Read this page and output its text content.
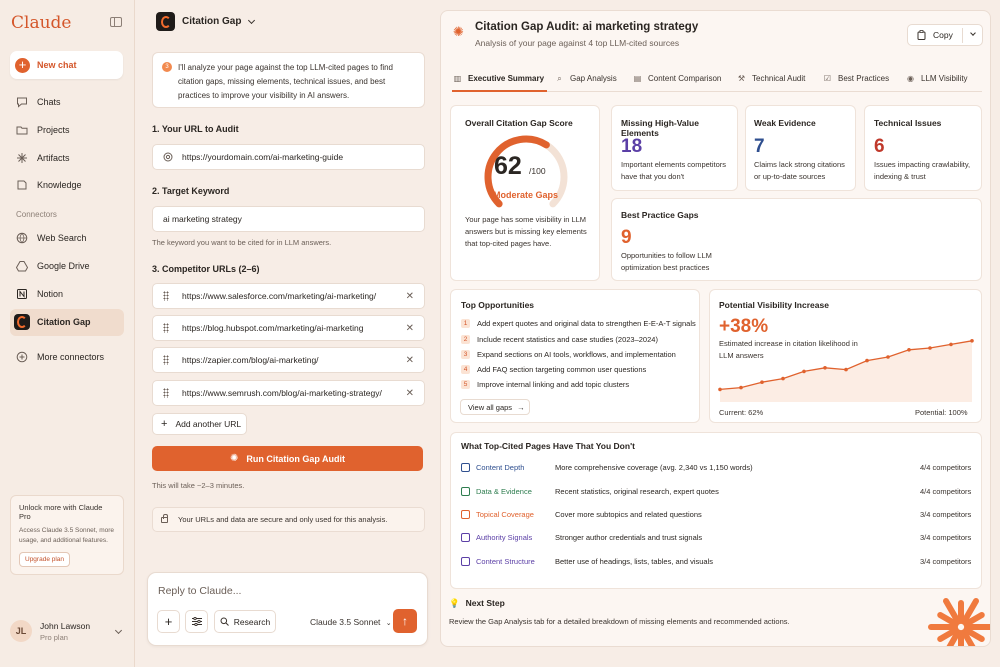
Claude
+	New chat
Chats
Projects
Artifacts
Knowledge
Connectors
Web Search
Google Drive
Notion
Citation Gap
More connectors
Unlock more with Claude Pro
Access Claude 3.5 Sonnet, more usage, and additional features.
Upgrade plan
JL
John Lawson
Pro plan
Citation Gap
3	I'll analyze your page against the top LLM-cited pages to find citation gaps, missing elements, technical issues, and best practices to improve your visibility in AI answers.
1. Your URL to Audit
https://yourdomain.com/ai-marketing-guide
2. Target Keyword
ai marketing strategy
The keyword you want to be cited for in LLM answers.
3. Competitor URLs (2–6)
https://www.salesforce.com/marketing/ai-marketing/	✕
https://blog.hubspot.com/marketing/ai-marketing	✕
https://zapier.com/blog/ai-marketing/	✕
https://www.semrush.com/blog/ai-marketing-strategy/ ✕
+ Add another URL
✺ Run Citation Gap Audit
This will take ~2–3 minutes.
Your URLs and data are secure and only used for this analysis.
Reply to Claude...
+	Research	Claude 3.5 Sonnet ⌄ ↑
✺ Citation Gap Audit: ai marketing strategy
Analysis of your page against 4 top LLM-cited sources
Copy
▥ Executive Summary ⌕ Gap Analysis ▤ Content Comparison ⚒ Technical Audit ☑ Best Practices ◉ LLM Visibility
Overall Citation Gap Score
62 /100
Moderate Gaps
Your page has some visibility in LLM answers but is missing key elements that top-cited pages have.
Missing High-Value Elements
18
Important elements competitors have that you don't
Weak Evidence
7
Claims lack strong citations or up-to-date sources
Technical Issues
6
Issues impacting crawlability, indexing & trust
Best Practice Gaps
9
Opportunities to follow LLM optimization best practices
Top Opportunities
1	Add expert quotes and original data to strengthen E-E-A-T signals
2	Include recent statistics and case studies (2023–2024)
3	Expand sections on AI tools, workflows, and implementation
4	Add FAQ section targeting common user questions
5	Improve internal linking and add topic clusters
View all gaps →
Potential Visibility Increase
+38%
Estimated increase in citation likelihood in LLM answers
Current: 62%	Potential: 100%
What Top-Cited Pages Have That You Don't
Content Depth	More comprehensive coverage (avg. 2,340 vs 1,150 words)	4/4 competitors
Data & Evidence	Recent statistics, original research, expert quotes	4/4 competitors
Topical Coverage	Cover more subtopics and related questions	3/4 competitors
Authority Signals	Stronger author credentials and trust signals	3/4 competitors
Content Structure	Better use of headings, lists, tables, and visuals	3/4 competitors
💡 Next Step
Review the Gap Analysis tab for a detailed breakdown of missing elements and recommended actions.
